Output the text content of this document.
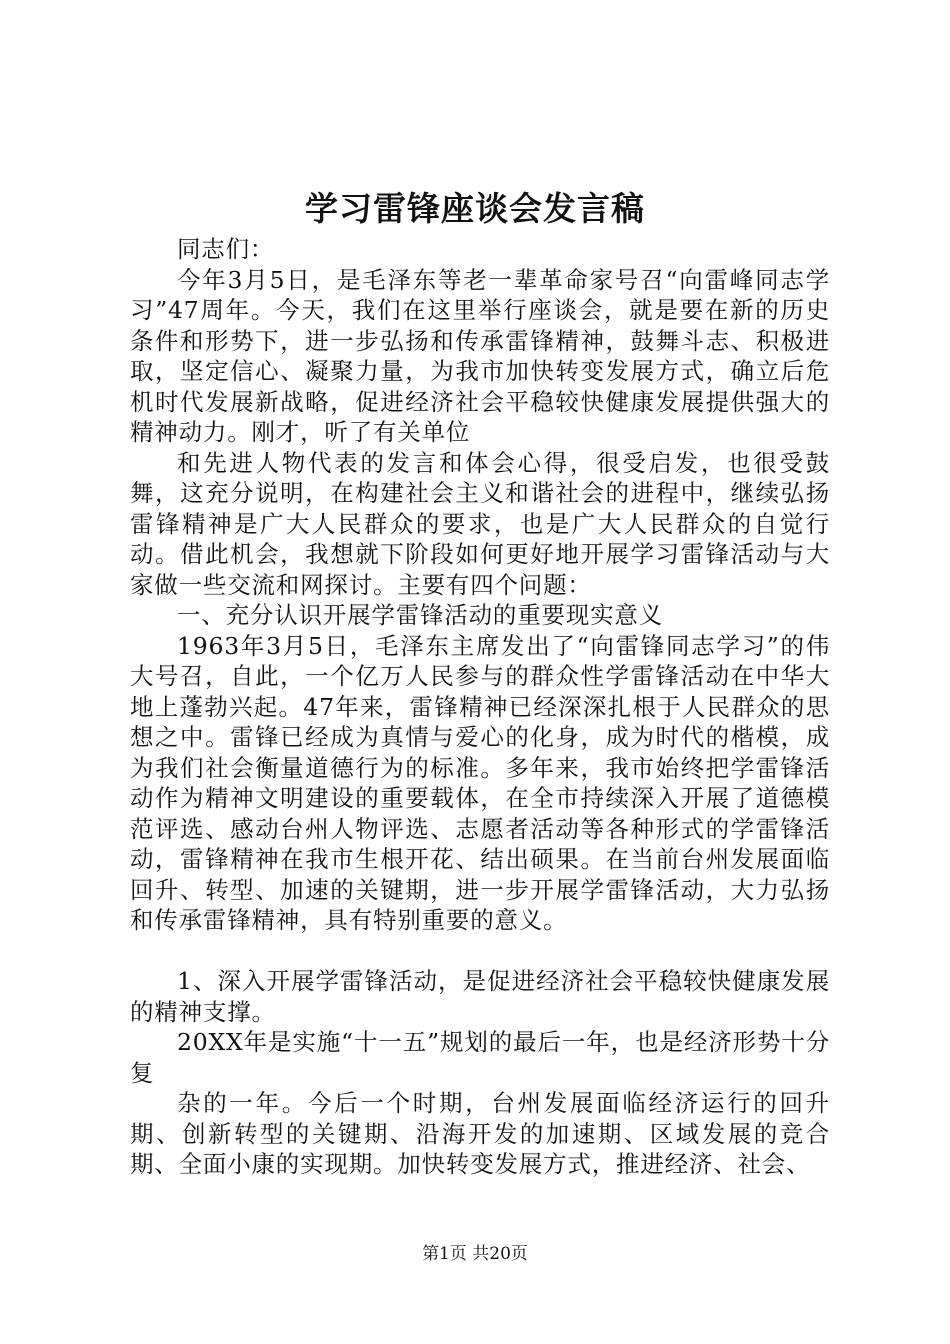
学习雷锋座谈会发言稿

同志们：

今年3月5日，是毛泽东等老一辈革命家号召“向雷峰同志学习”47周年。今天，我们在这里举行座谈会，就是要在新的历史条件和形势下，进一步弘扬和传承雷锋精神，鼓舞斗志、积极进取，坚定信心、凝聚力量，为我市加快转变发展方式，确立后危机时代发展新战略，促进经济社会平稳较快健康发展提供强大的精神动力。刚才，听了有关单位

和先进人物代表的发言和体会心得，很受启发，也很受鼓舞，这充分说明，在构建社会主义和谐社会的进程中，继续弘扬雷锋精神是广大人民群众的要求，也是广大人民群众的自觉行动。借此机会，我想就下阶段如何更好地开展学习雷锋活动与大家做一些交流和网探讨。主要有四个问题：

一、充分认识开展学雷锋活动的重要现实意义

1963年3月5日，毛泽东主席发出了“向雷锋同志学习”的伟大号召，自此，一个亿万人民参与的群众性学雷锋活动在中华大地上蓬勃兴起。47年来，雷锋精神已经深深扎根于人民群众的思想之中。雷锋已经成为真情与爱心的化身，成为时代的楷模，成为我们社会衡量道德行为的标准。多年来，我市始终把学雷锋活动作为精神文明建设的重要载体，在全市持续深入开展了道德模范评选、感动台州人物评选、志愿者活动等各种形式的学雷锋活动，雷锋精神在我市生根开花、结出硕果。在当前台州发展面临回升、转型、加速的关键期，进一步开展学雷锋活动，大力弘扬和传承雷锋精神，具有特别重要的意义。

1、深入开展学雷锋活动，是促进经济社会平稳较快健康发展的精神支撑。

20XX年是实施“十一五”规划的最后一年，也是经济形势十分复

杂的一年。今后一个时期，台州发展面临经济运行的回升期、创新转型的关键期、沿海开发的加速期、区域发展的竞合期、全面小康的实现期。加快转变发展方式，推进经济、社会、

第1页 共20页
